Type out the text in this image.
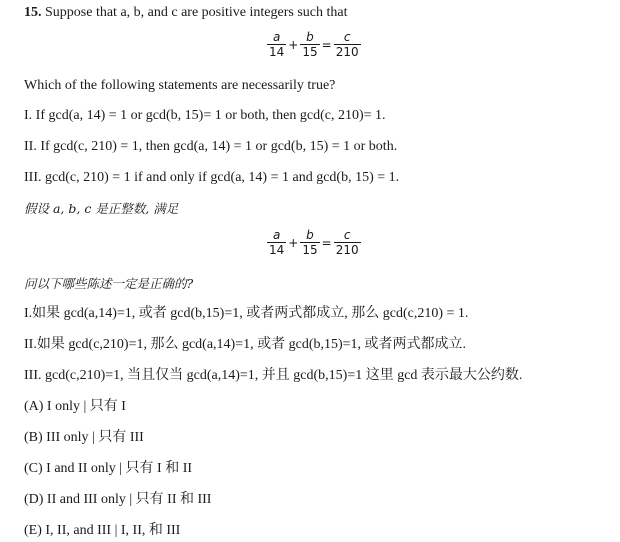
15. Suppose that a, b, and c are positive integers such that
$\frac{a}{14} + \frac{b}{15} = \frac{c}{210}$
Which of the following statements are necessarily true?
I. If gcd(a, 14) = 1 or gcd(b, 15)= 1 or both, then gcd(c, 210)= 1.
II. If gcd(c, 210) = 1, then gcd(a, 14) = 1 or gcd(b, 15) = 1 or both.
III. gcd(c, 210) = 1 if and only if gcd(a, 14) = 1 and gcd(b, 15) = 1.
假设 a, b, c 是正整数, 满足
$\frac{a}{14} + \frac{b}{15} = \frac{c}{210}$
问以下哪些陈述一定是正确的?
I.如果 gcd(a,14)=1, 或者 gcd(b,15)=1, 或者两式都成立, 那么 gcd(c,210) = 1.
II.如果 gcd(c,210)=1, 那么 gcd(a,14)=1, 或者 gcd(b,15)=1, 或者两式都成立.
III. gcd(c,210)=1, 当且仅当 gcd(a,14)=1, 并且 gcd(b,15)=1 这里 gcd 表示最大公约数.
(A) I only | 只有 I
(B) III only | 只有 III
(C) I and II only | 只有 I 和 II
(D) II and III only | 只有 II 和 III
(E) I, II, and III | I, II, 和 III
